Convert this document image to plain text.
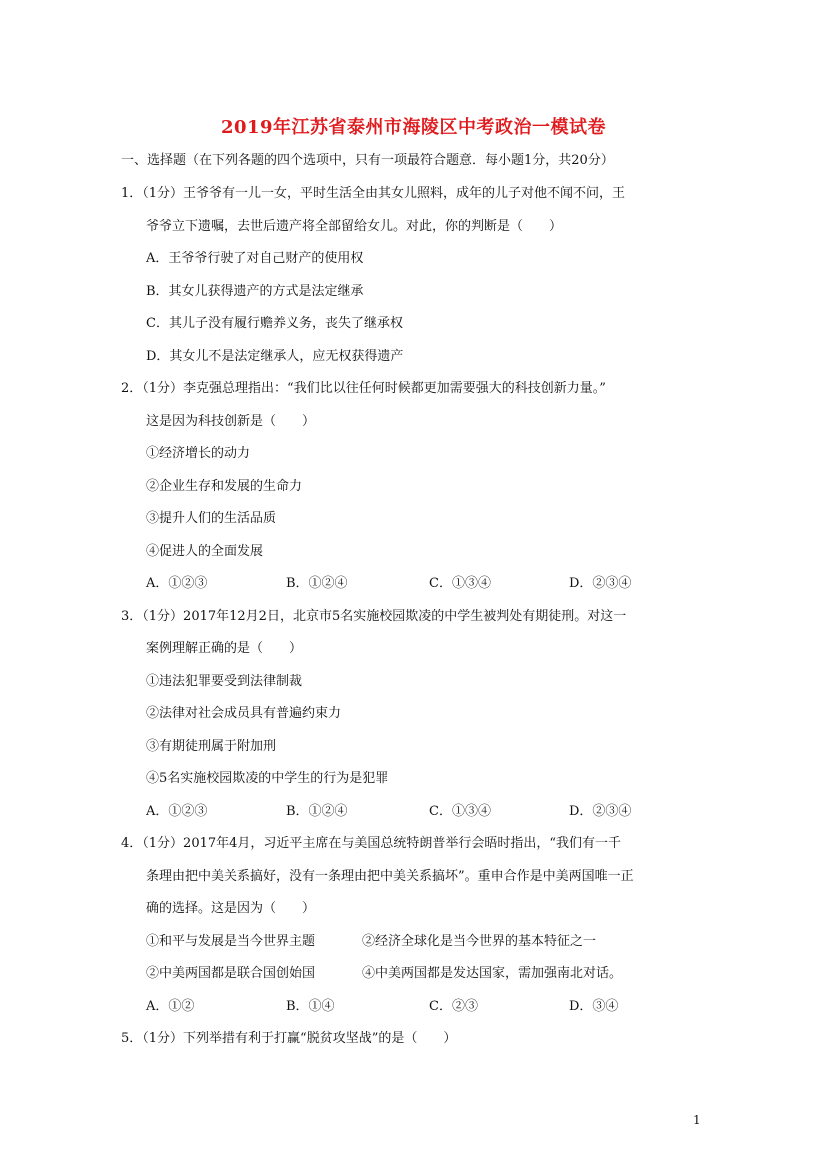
2019年江苏省泰州市海陵区中考政治一模试卷
一、选择题（在下列各题的四个选项中，只有一项最符合题意．每小题1分，共20分）
1．（1分）王爷爷有一儿一女，平时生活全由其女儿照料，成年的儿子对他不闻不问，王
爷爷立下遗嘱，去世后遗产将全部留给女儿。对此，你的判断是（　　）
A．王爷爷行驶了对自己财产的使用权
B．其女儿获得遗产的方式是法定继承
C．其儿子没有履行赡养义务，丧失了继承权
D．其女儿不是法定继承人，应无权获得遗产
2．（1分）李克强总理指出：“我们比以往任何时候都更加需要强大的科技创新力量。”
这是因为科技创新是（　　）
①经济增长的动力
②企业生存和发展的生命力
③提升人们的生活品质
④促进人的全面发展
A．①②③	B．①②④	C．①③④	D．②③④
3．（1分）2017年12月2日，北京市5名实施校园欺凌的中学生被判处有期徒刑。对这一
案例理解正确的是（　　）
①违法犯罪要受到法律制裁
②法律对社会成员具有普遍约束力
③有期徒刑属于附加刑
④5名实施校园欺凌的中学生的行为是犯罪
A．①②③	B．①②④	C．①③④	D．②③④
4．（1分）2017年4月，习近平主席在与美国总统特朗普举行会晤时指出，“我们有一千
条理由把中美关系搞好，没有一条理由把中美关系搞坏”。重申合作是中美两国唯一正
确的选择。这是因为（　　）
①和平与发展是当今世界主题	②经济全球化是当今世界的基本特征之一
②中美两国都是联合国创始国	④中美两国都是发达国家，需加强南北对话。
A．①②	B．①④	C．②③	D．③④
5．（1分）下列举措有利于打赢“脱贫攻坚战”的是（　　）
1
